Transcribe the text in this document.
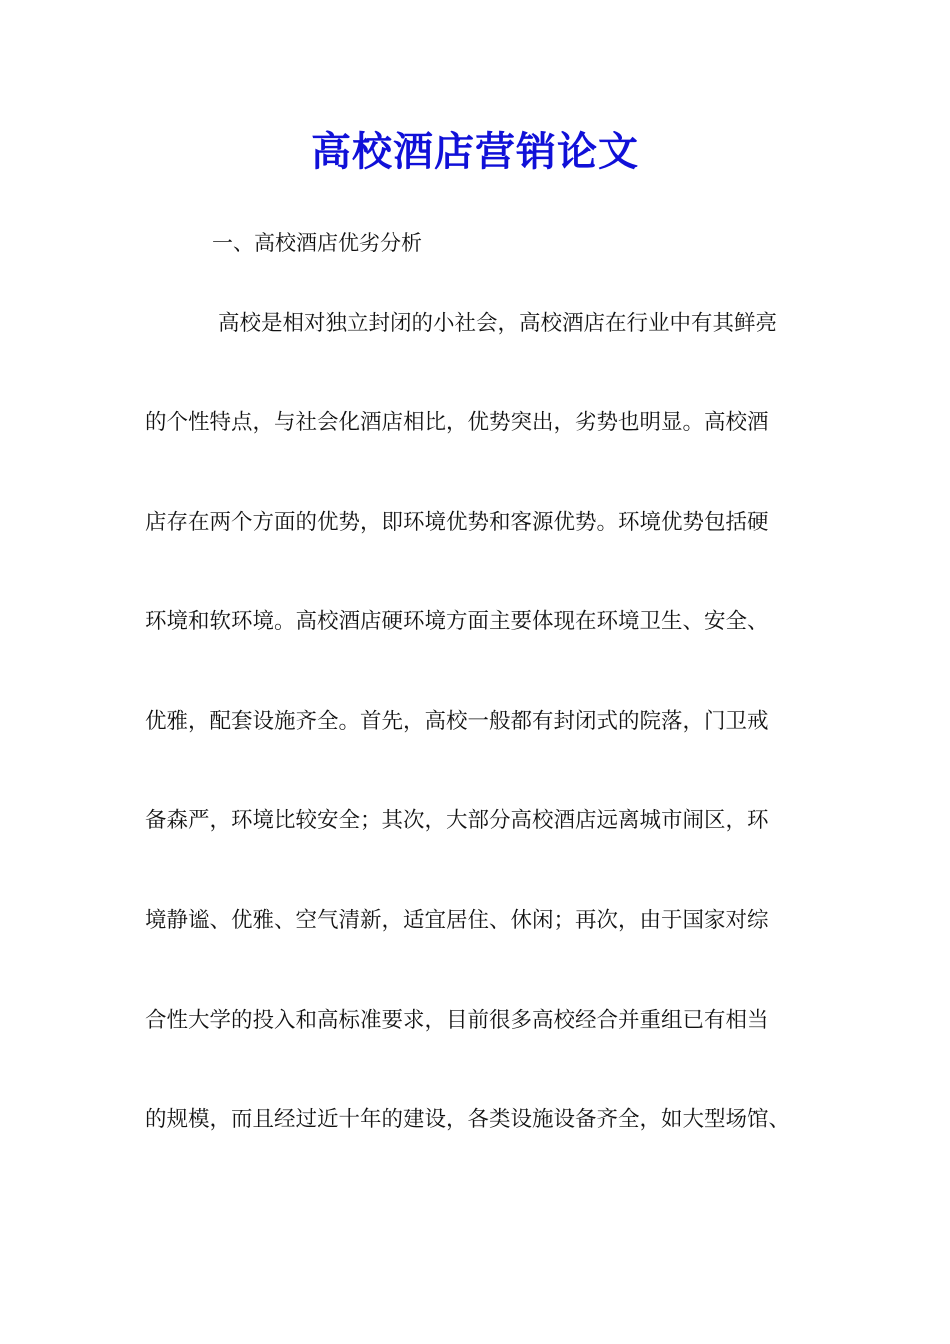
高校酒店营销论文
一、高校酒店优劣分析
高校是相对独立封闭的小社会，高校酒店在行业中有其鲜亮
的个性特点，与社会化酒店相比，优势突出，劣势也明显。高校酒
店存在两个方面的优势，即环境优势和客源优势。环境优势包括硬
环境和软环境。高校酒店硬环境方面主要体现在环境卫生、安全、
优雅，配套设施齐全。首先，高校一般都有封闭式的院落，门卫戒
备森严，环境比较安全；其次，大部分高校酒店远离城市闹区，环
境静谧、优雅、空气清新，适宜居住、休闲；再次，由于国家对综
合性大学的投入和高标准要求，目前很多高校经合并重组已有相当
的规模，而且经过近十年的建设，各类设施设备齐全，如大型场馆、
